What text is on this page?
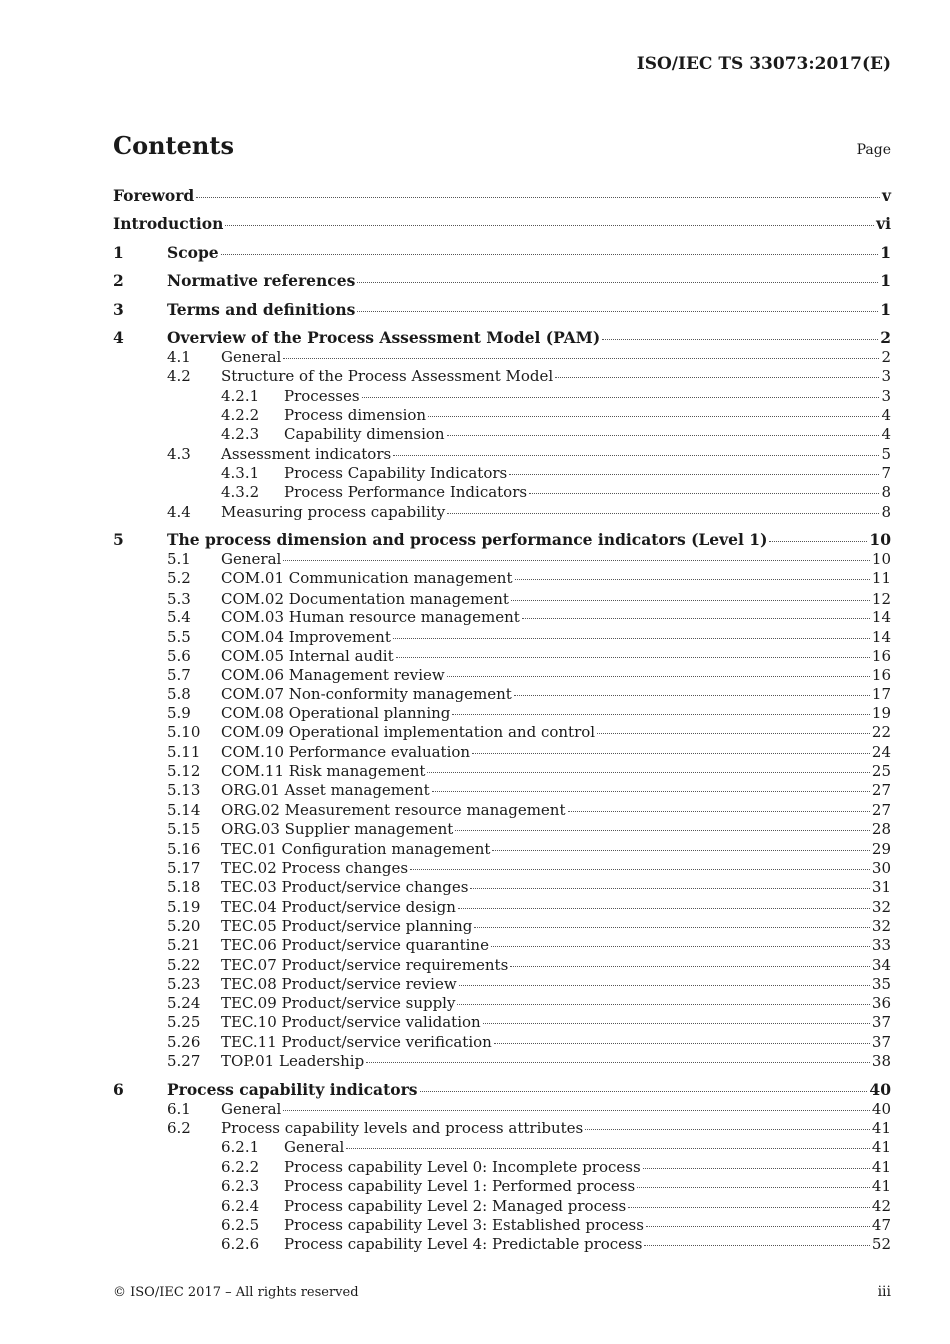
ISO/IEC TS 33073:2017(E)
Contents	Page
Foreword	v
Introduction	vi
1	Scope	1
2	Normative references	1
3	Terms and definitions	1
4	Overview of the Process Assessment Model (PAM)	2
4.1	General	2
4.2	Structure of the Process Assessment Model	3
4.2.1	Processes	3
4.2.2	Process dimension	4
4.2.3	Capability dimension	4
4.3	Assessment indicators	5
4.3.1	Process Capability Indicators	7
4.3.2	Process Performance Indicators	8
4.4	Measuring process capability	8
5	The process dimension and process performance indicators (Level 1)	10
5.1	General	10
5.2	COM.01 Communication management	11
5.3	COM.02 Documentation management	12
5.4	COM.03 Human resource management	14
5.5	COM.04 Improvement	14
5.6	COM.05 Internal audit	16
5.7	COM.06 Management review	16
5.8	COM.07 Non-conformity management	17
5.9	COM.08 Operational planning	19
5.10	COM.09 Operational implementation and control	22
5.11	COM.10 Performance evaluation	24
5.12	COM.11 Risk management	25
5.13	ORG.01 Asset management	27
5.14	ORG.02 Measurement resource management	27
5.15	ORG.03 Supplier management	28
5.16	TEC.01 Configuration management	29
5.17	TEC.02 Process changes	30
5.18	TEC.03 Product/service changes	31
5.19	TEC.04 Product/service design	32
5.20	TEC.05 Product/service planning	32
5.21	TEC.06 Product/service quarantine	33
5.22	TEC.07 Product/service requirements	34
5.23	TEC.08 Product/service review	35
5.24	TEC.09 Product/service supply	36
5.25	TEC.10 Product/service validation	37
5.26	TEC.11 Product/service verification	37
5.27	TOP.01 Leadership	38
6	Process capability indicators	40
6.1	General	40
6.2	Process capability levels and process attributes	41
6.2.1	General	41
6.2.2	Process capability Level 0: Incomplete process	41
6.2.3	Process capability Level 1: Performed process	41
6.2.4	Process capability Level 2: Managed process	42
6.2.5	Process capability Level 3: Established process	47
6.2.6	Process capability Level 4: Predictable process	52
© ISO/IEC 2017 – All rights reserved	iii
